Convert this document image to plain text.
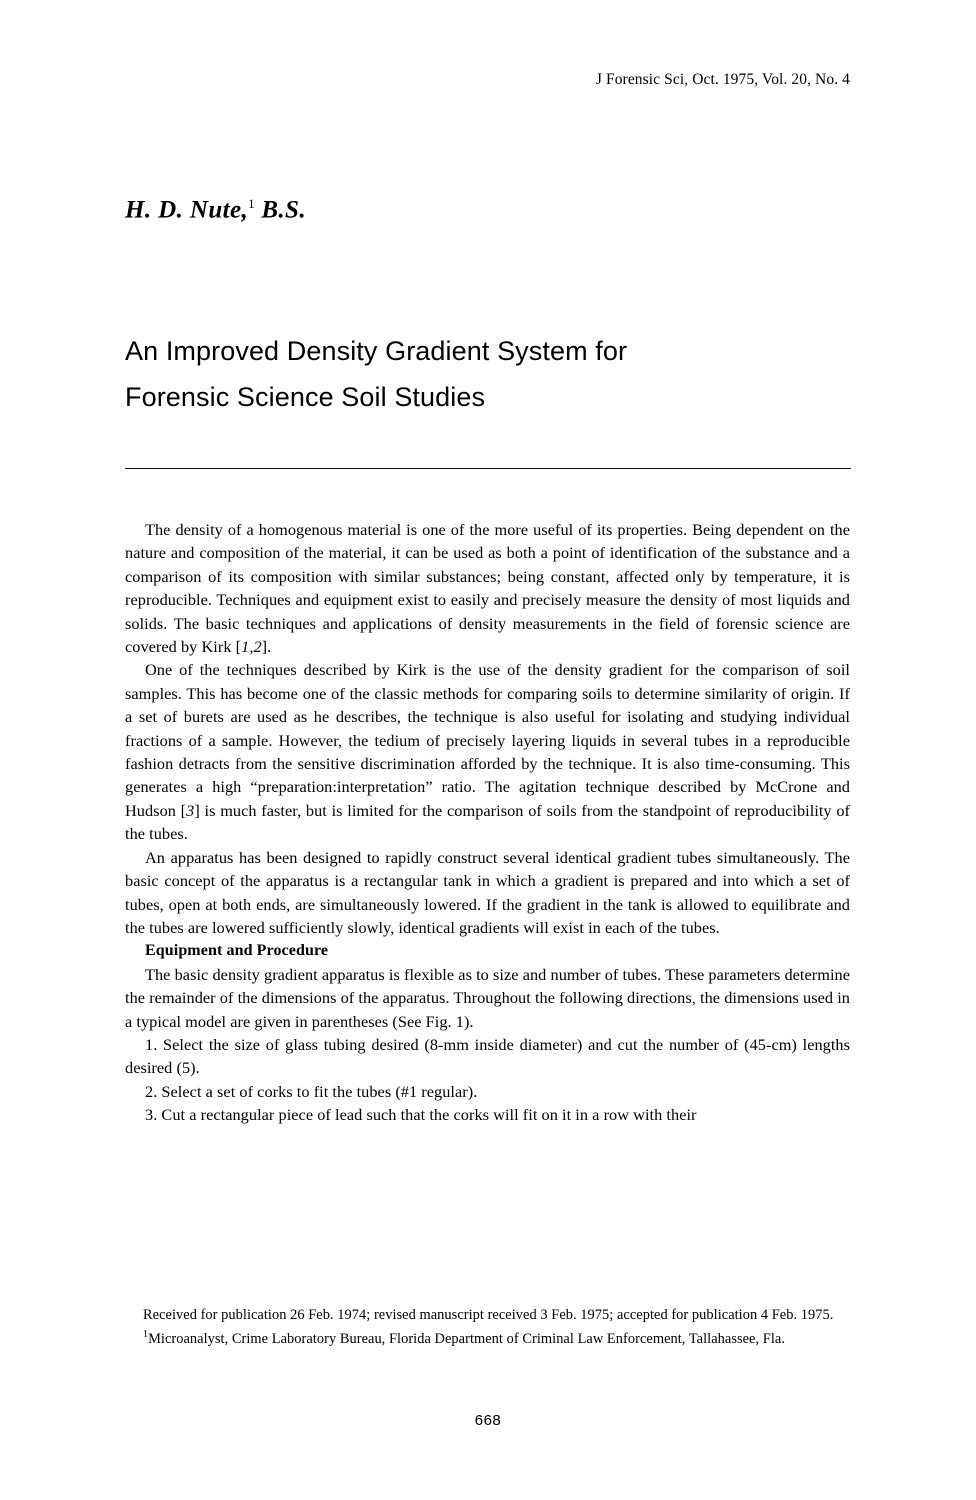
J Forensic Sci, Oct. 1975, Vol. 20, No. 4
H. D. Nute,$^1$ B.S.
An Improved Density Gradient System for
Forensic Science Soil Studies

The density of a homogenous material is one of the more useful of its properties. Being dependent on the nature and composition of the material, it can be used as both a point of identification of the substance and a comparison of its composition with similar substances; being constant, affected only by temperature, it is reproducible. Techniques and equipment exist to easily and precisely measure the density of most liquids and solids. The basic techniques and applications of density measurements in the field of forensic science are covered by Kirk [1,2].

One of the techniques described by Kirk is the use of the density gradient for the comparison of soil samples. This has become one of the classic methods for comparing soils to determine similarity of origin. If a set of burets are used as he describes, the technique is also useful for isolating and studying individual fractions of a sample. However, the tedium of precisely layering liquids in several tubes in a reproducible fashion detracts from the sensitive discrimination afforded by the technique. It is also time-consuming. This generates a high “preparation:interpretation” ratio. The agitation technique described by McCrone and Hudson [3] is much faster, but is limited for the comparison of soils from the standpoint of reproducibility of the tubes.

An apparatus has been designed to rapidly construct several identical gradient tubes simultaneously. The basic concept of the apparatus is a rectangular tank in which a gradient is prepared and into which a set of tubes, open at both ends, are simultaneously lowered. If the gradient in the tank is allowed to equilibrate and the tubes are lowered sufficiently slowly, identical gradients will exist in each of the tubes.

Equipment and Procedure

The basic density gradient apparatus is flexible as to size and number of tubes. These parameters determine the remainder of the dimensions of the apparatus. Throughout the following directions, the dimensions used in a typical model are given in parentheses (See Fig. 1).

1. Select the size of glass tubing desired (8-mm inside diameter) and cut the number of (45-cm) lengths desired (5).

2. Select a set of corks to fit the tubes (#1 regular).

3. Cut a rectangular piece of lead such that the corks will fit on it in a row with their

Received for publication 26 Feb. 1974; revised manuscript received 3 Feb. 1975; accepted for publication 4 Feb. 1975.

$^1$Microanalyst, Crime Laboratory Bureau, Florida Department of Criminal Law Enforcement, Tallahassee, Fla.

668
